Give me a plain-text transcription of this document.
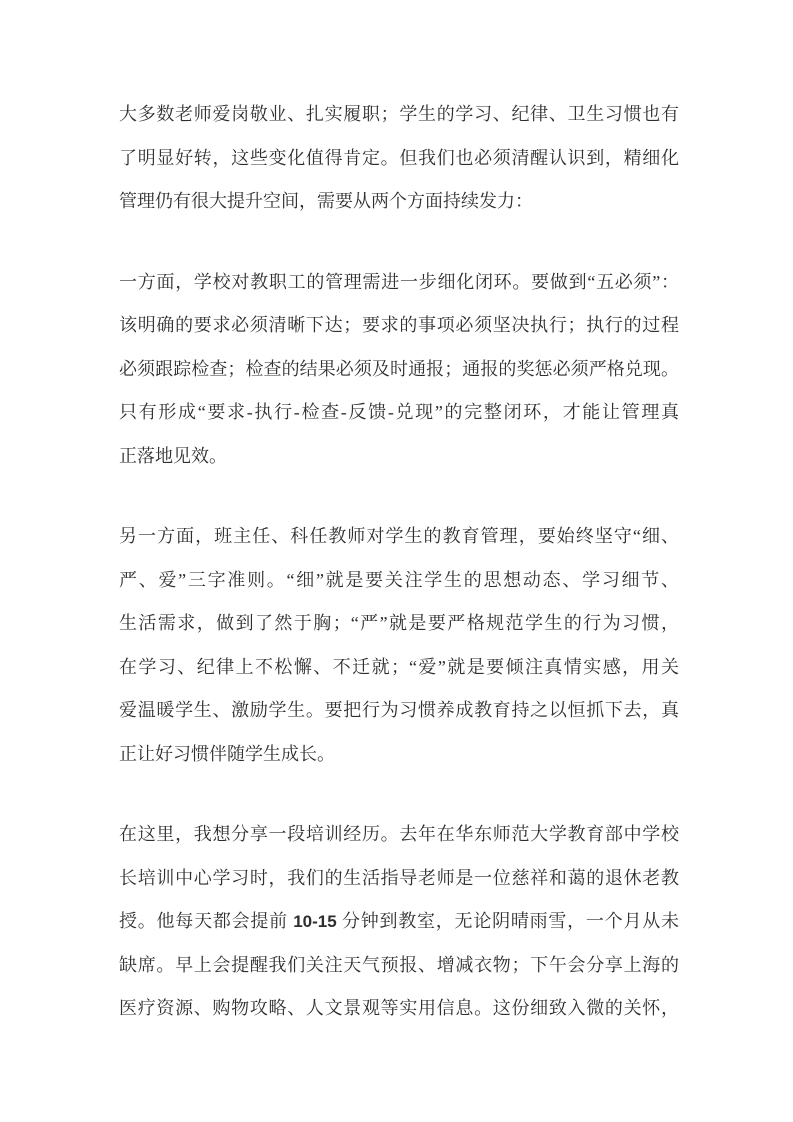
大多数老师爱岗敬业、扎实履职；学生的学习、纪律、卫生习惯也有
了明显好转，这些变化值得肯定。但我们也必须清醒认识到，精细化
管理仍有很大提升空间，需要从两个方面持续发力：
一方面，学校对教职工的管理需进一步细化闭环。要做到“五必须”：
该明确的要求必须清晰下达；要求的事项必须坚决执行；执行的过程
必须跟踪检查；检查的结果必须及时通报；通报的奖惩必须严格兑现。
只有形成“要求-执行-检查-反馈-兑现”的完整闭环，才能让管理真
正落地见效。
另一方面，班主任、科任教师对学生的教育管理，要始终坚守“细、
严、爱”三字准则。“细”就是要关注学生的思想动态、学习细节、
生活需求，做到了然于胸；“严”就是要严格规范学生的行为习惯，
在学习、纪律上不松懈、不迁就；“爱”就是要倾注真情实感，用关
爱温暖学生、激励学生。要把行为习惯养成教育持之以恒抓下去，真
正让好习惯伴随学生成长。
在这里，我想分享一段培训经历。去年在华东师范大学教育部中学校
长培训中心学习时，我们的生活指导老师是一位慈祥和蔼的退休老教
授。他每天都会提前 10-15 分钟到教室，无论阴晴雨雪，一个月从未
缺席。早上会提醒我们关注天气预报、增减衣物；下午会分享上海的
医疗资源、购物攻略、人文景观等实用信息。这份细致入微的关怀，
